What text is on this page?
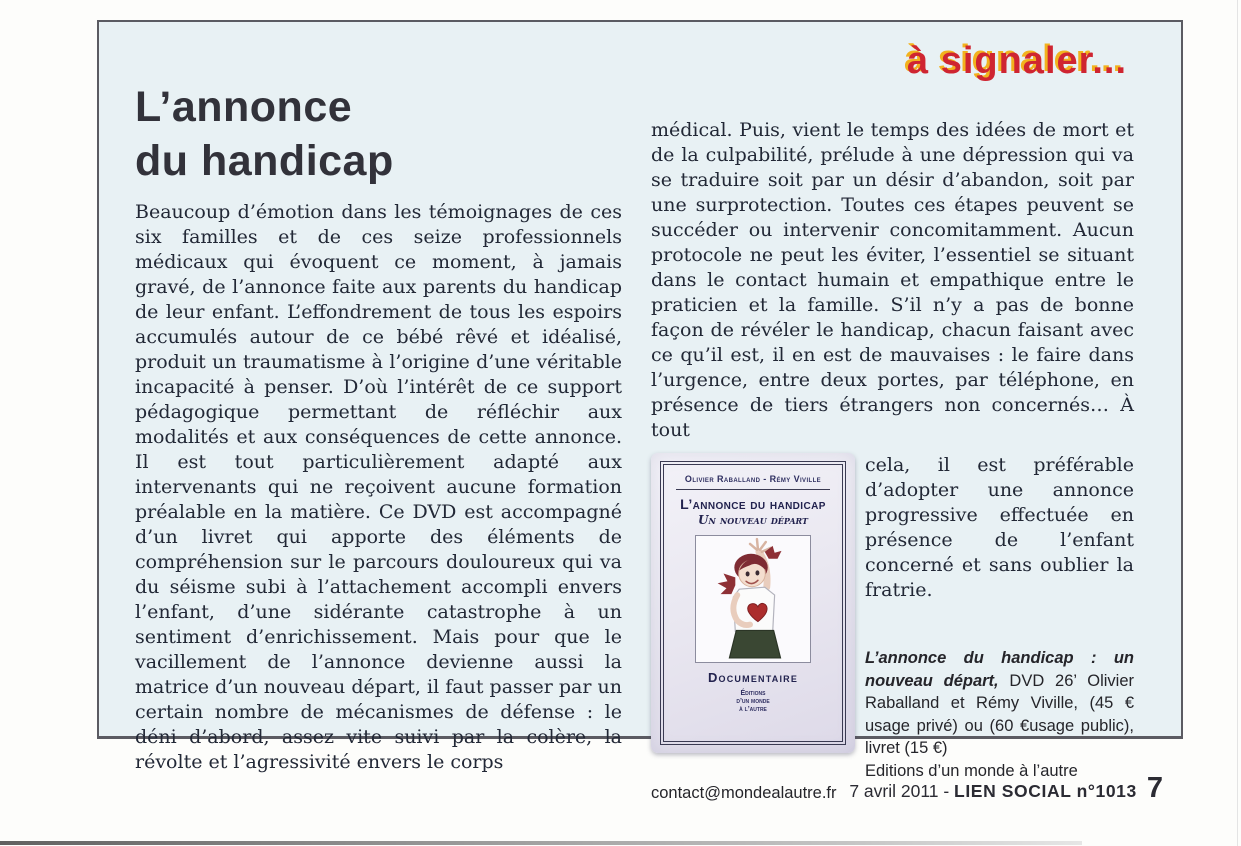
à signaler...
L’annonce
du handicap

Beaucoup d’émotion dans les témoignages de ces six familles et de ces seize professionnels médicaux qui évoquent ce moment, à jamais gravé, de l’annonce faite aux parents du handicap de leur enfant. L’effondrement de tous les espoirs accumulés autour de ce bébé rêvé et idéalisé, produit un traumatisme à l’origine d’une véritable incapacité à penser. D’où l’intérêt de ce support pédagogique permettant de réfléchir aux modalités et aux conséquences de cette annonce. Il est tout particulièrement adapté aux intervenants qui ne reçoivent aucune formation préalable en la matière. Ce DVD est accompagné d’un livret qui apporte des éléments de compréhension sur le parcours douloureux qui va du séisme subi à l’attachement accompli envers l’enfant, d’une sidérante catastrophe à un sentiment d’enrichissement. Mais pour que le vacillement de l’annonce devienne aussi la matrice d’un nouveau départ, il faut passer par un certain nombre de mécanismes de défense : le déni d’abord, assez vite suivi par la colère, la révolte et l’agressivité envers le corps

médical. Puis, vient le temps des idées de mort et de la culpabilité, prélude à une dépression qui va se traduire soit par un désir d’abandon, soit par une surprotection. Toutes ces étapes peuvent se succéder ou intervenir concomitamment. Aucun protocole ne peut les éviter, l’essentiel se situant dans le contact humain et empathique entre le praticien et la famille. S’il n’y a pas de bonne façon de révéler le handicap, chacun faisant avec ce qu’il est, il en est de mauvaises : le faire dans l’urgence, entre deux portes, par téléphone, en présence de tiers étrangers non concernés… À tout

Olivier Raballand - Rémy Viville
L’annonce du handicap
Un nouveau départ
Documentaire
Éditions
d’un monde
à l’autre

cela, il est préférable d’adopter une annonce progressive effectuée en présence de l’enfant concerné et sans oublier la fratrie.

L’annonce du handicap : un nouveau départ, DVD 26’ Olivier Raballand et Rémy Viville, (45 € usage privé) ou (60 €usage public), livret (15 €)

Editions d’un monde à l’autre
contact@mondealautre.fr 7 avril 2011 - LIEN SOCIAL n°1013 7
